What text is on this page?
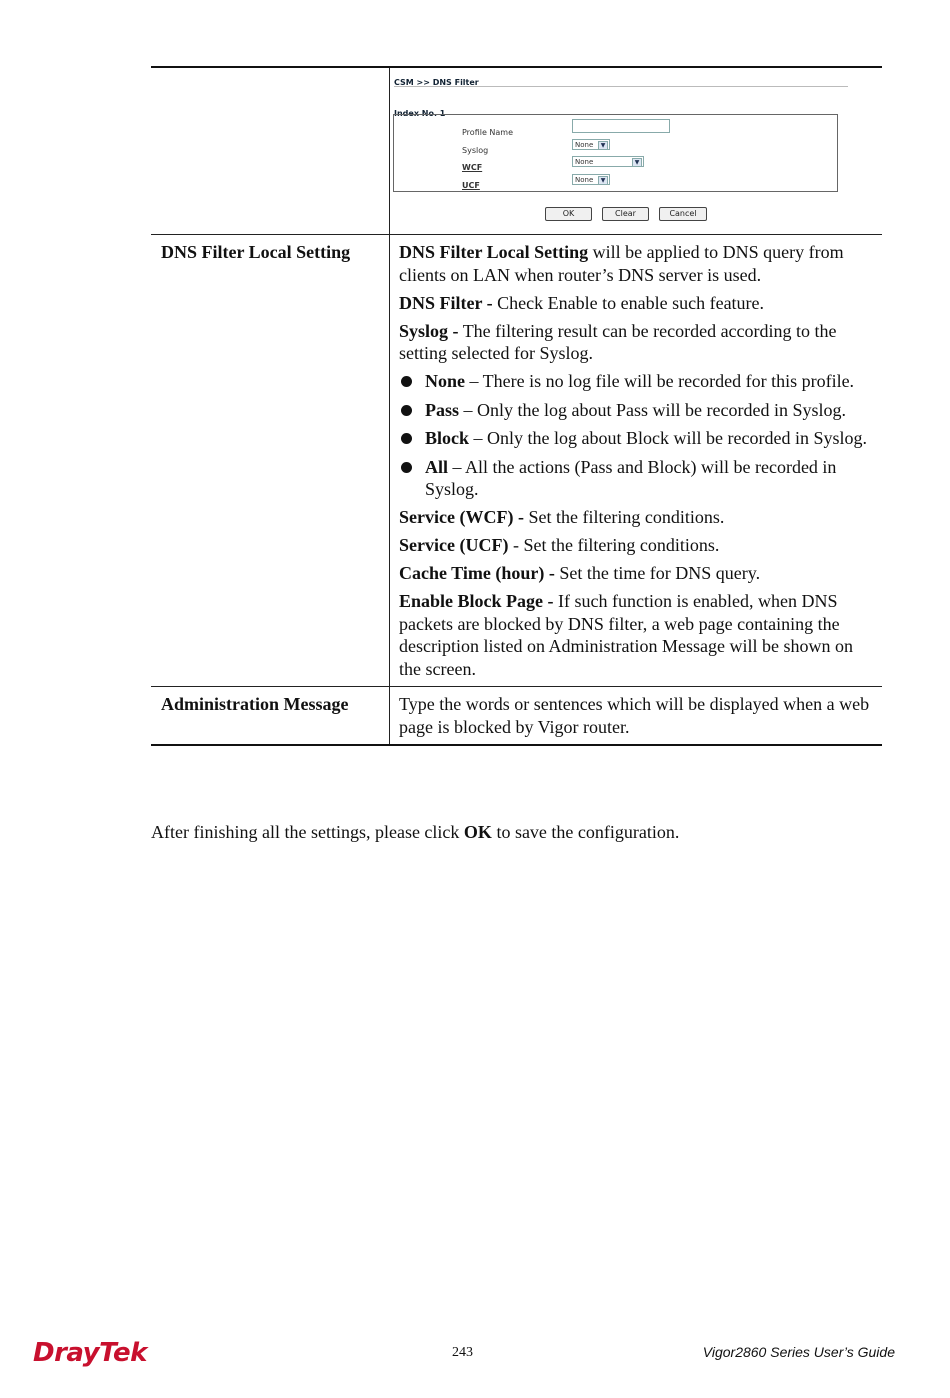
CSM >> DNS Filter
Index No. 1
Profile Name
Syslog
None	▼
WCF
None	▼
UCF
None	▼
OK	Clear	Cancel
DNS Filter Local Setting	DNS Filter Local Setting will be applied to DNS query from clients on LAN when router’s DNS server is used.

DNS Filter - Check Enable to enable such feature.

Syslog - The filtering result can be recorded according to the setting selected for Syslog.

None – There is no log file will be recorded for this profile.
Pass – Only the log about Pass will be recorded in Syslog.
Block – Only the log about Block will be recorded in Syslog.
All – All the actions (Pass and Block) will be recorded in Syslog.

Service (WCF) - Set the filtering conditions.

Service (UCF) - Set the filtering conditions.

Cache Time (hour) - Set the time for DNS query.

Enable Block Page - If such function is enabled, when DNS packets are blocked by DNS filter, a web page containing the description listed on Administration Message will be shown on the screen.

Administration Message	Type the words or sentences which will be displayed when a web page is blocked by Vigor router.

After finishing all the settings, please click OK to save the configuration.
DrayTek	243	Vigor2860 Series User’s Guide
